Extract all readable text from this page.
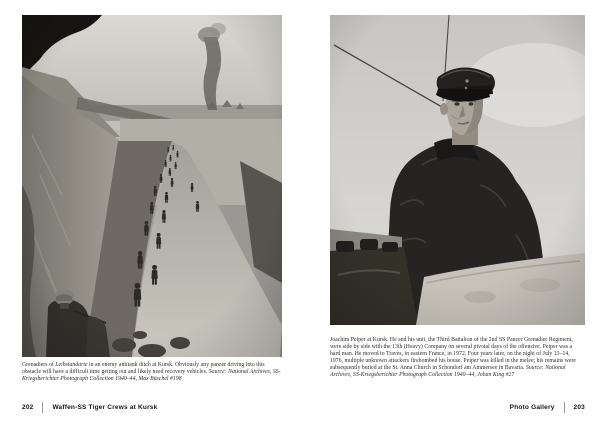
Grenadiers of Leibstandarte in an enemy antitank ditch at Kursk. Obviously any panzer driving into this obstacle will have a difficult time getting out and likely need recovery vehicles. Source: National Archives, SS-Kriegsberichter Photograph Collection 1940–44, Max Büschel #198
Joachim Peiper at Kursk. He and his unit, the Third Battalion of the 2nd SS Panzer Grenadier Regiment, were side by side with the 13th (Heavy) Company on several pivotal days of the offensive. Peiper was a hard man. He moved to Traves, in eastern France, in 1972. Four years later, on the night of July 13–14, 1976, multiple unknown attackers firebombed his house. Peiper was killed in the melee; his remains were subsequently buried at the St. Anna Church in Schondorf am Ammersee in Bavaria. Source: National Archives, SS-Kriegsberichter Photograph Collection 1940–44, Johan King #27
202	Waffen-SS Tiger Crews at Kursk	Photo Gallery	203
